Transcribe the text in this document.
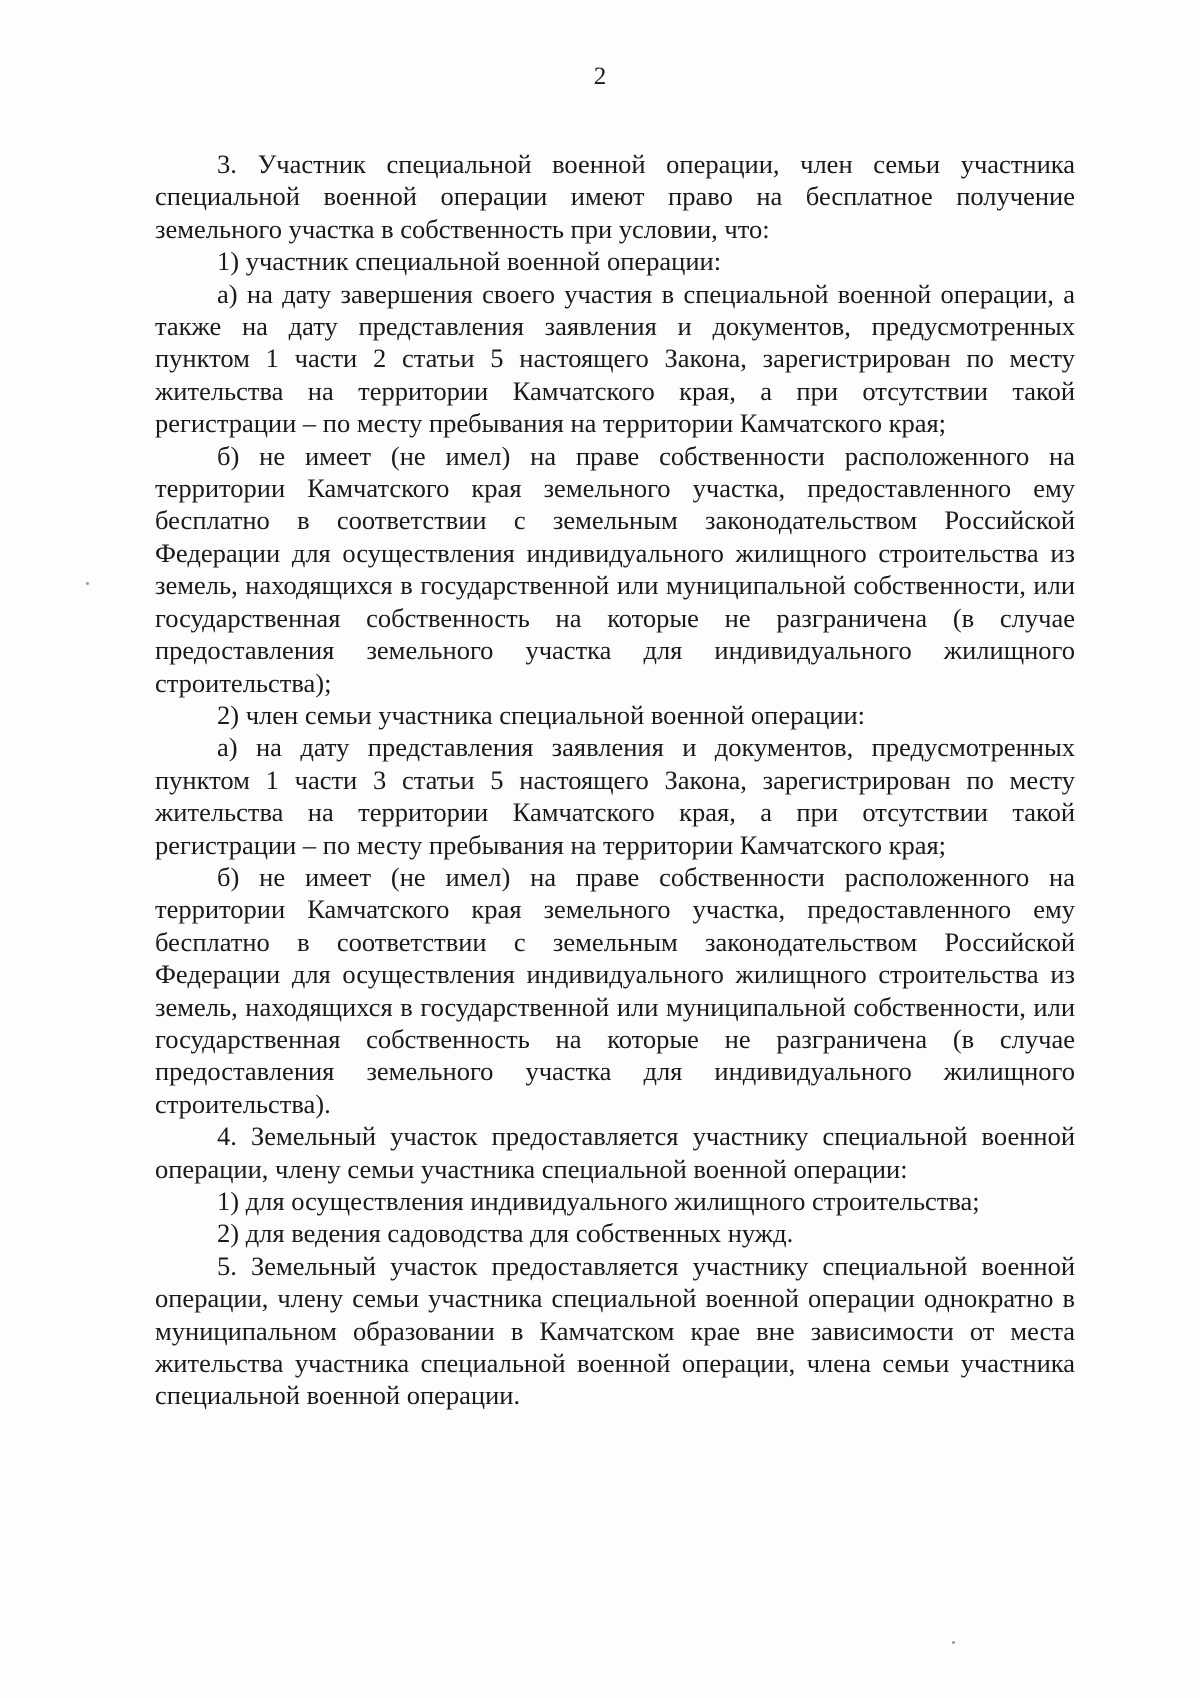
2

3. Участник специальной военной операции, член семьи участника специальной военной операции имеют право на бесплатное получение земельного участка в собственность при условии, что:

1) участник специальной военной операции:

а) на дату завершения своего участия в специальной военной операции, а также на дату представления заявления и документов, предусмотренных пунктом 1 части 2 статьи 5 настоящего Закона, зарегистрирован по месту жительства на территории Камчатского края, а при отсутствии такой регистрации – по месту пребывания на территории Камчатского края;

б) не имеет (не имел) на праве собственности расположенного на территории Камчатского края земельного участка, предоставленного ему бесплатно в соответствии с земельным законодательством Российской Федерации для осуществления индивидуального жилищного строительства из земель, находящихся в государственной или муниципальной собственности, или государственная собственность на которые не разграничена (в случае предоставления земельного участка для индивидуального жилищного строительства);

2) член семьи участника специальной военной операции:

а) на дату представления заявления и документов, предусмотренных пунктом 1 части 3 статьи 5 настоящего Закона, зарегистрирован по месту жительства на территории Камчатского края, а при отсутствии такой регистрации – по месту пребывания на территории Камчатского края;

б) не имеет (не имел) на праве собственности расположенного на территории Камчатского края земельного участка, предоставленного ему бесплатно в соответствии с земельным законодательством Российской Федерации для осуществления индивидуального жилищного строительства из земель, находящихся в государственной или муниципальной собственности, или государственная собственность на которые не разграничена (в случае предоставления земельного участка для индивидуального жилищного строительства).

4. Земельный участок предоставляется участнику специальной военной операции, члену семьи участника специальной военной операции:

1) для осуществления индивидуального жилищного строительства;

2) для ведения садоводства для собственных нужд.

5. Земельный участок предоставляется участнику специальной военной операции, члену семьи участника специальной военной операции однократно в муниципальном образовании в Камчатском крае вне зависимости от места жительства участника специальной военной операции, члена семьи участника специальной военной операции.
